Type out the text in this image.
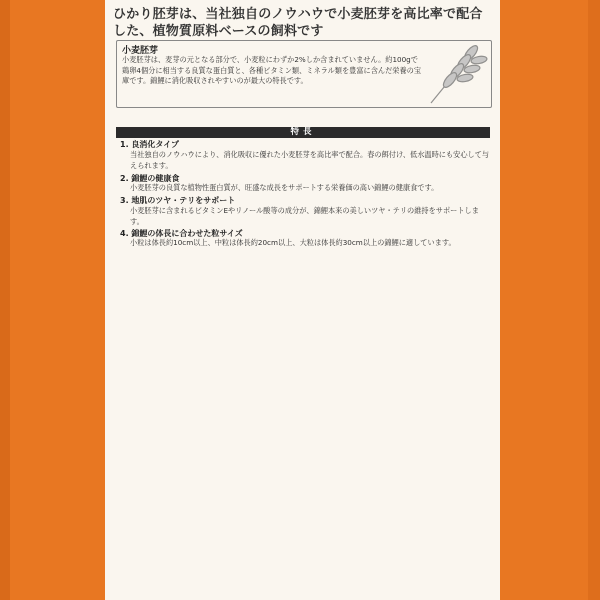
ひかり胚芽は、当社独自のノウハウで小麦胚芽を高比率で配合した、植物質原料ベースの飼料です
小麦胚芽
小麦胚芽は、麦芽の元となる部分で、小麦粒にわずか2%しか含まれていません。約100gで鶏卵4個分に相当する良質な蛋白質と、各種ビタミン類、ミネラル類を豊富に含んだ栄養の宝庫です。錦鯉に消化吸収されやすいのが最大の特長です。
特長
1. 良消化タイプ
当社独自のノウハウにより、消化吸収に優れた小麦胚芽を高比率で配合。春の餌付け、低水温時にも安心して与えられます。
2. 錦鯉の健康食
小麦胚芽の良質な植物性蛋白質が、旺盛な成長をサポートする栄養価の高い錦鯉の健康食です。
3. 地肌のツヤ・テリをサポート
小麦胚芽に含まれるビタミンEやリノール酸等の成分が、錦鯉本来の美しいツヤ・テリの維持をサポートします。
4. 錦鯉の体長に合わせた粒サイズ
小粒は体長約10cm以上、中粒は体長約20cm以上、大粒は体長約30cm以上の錦鯉に適しています。
